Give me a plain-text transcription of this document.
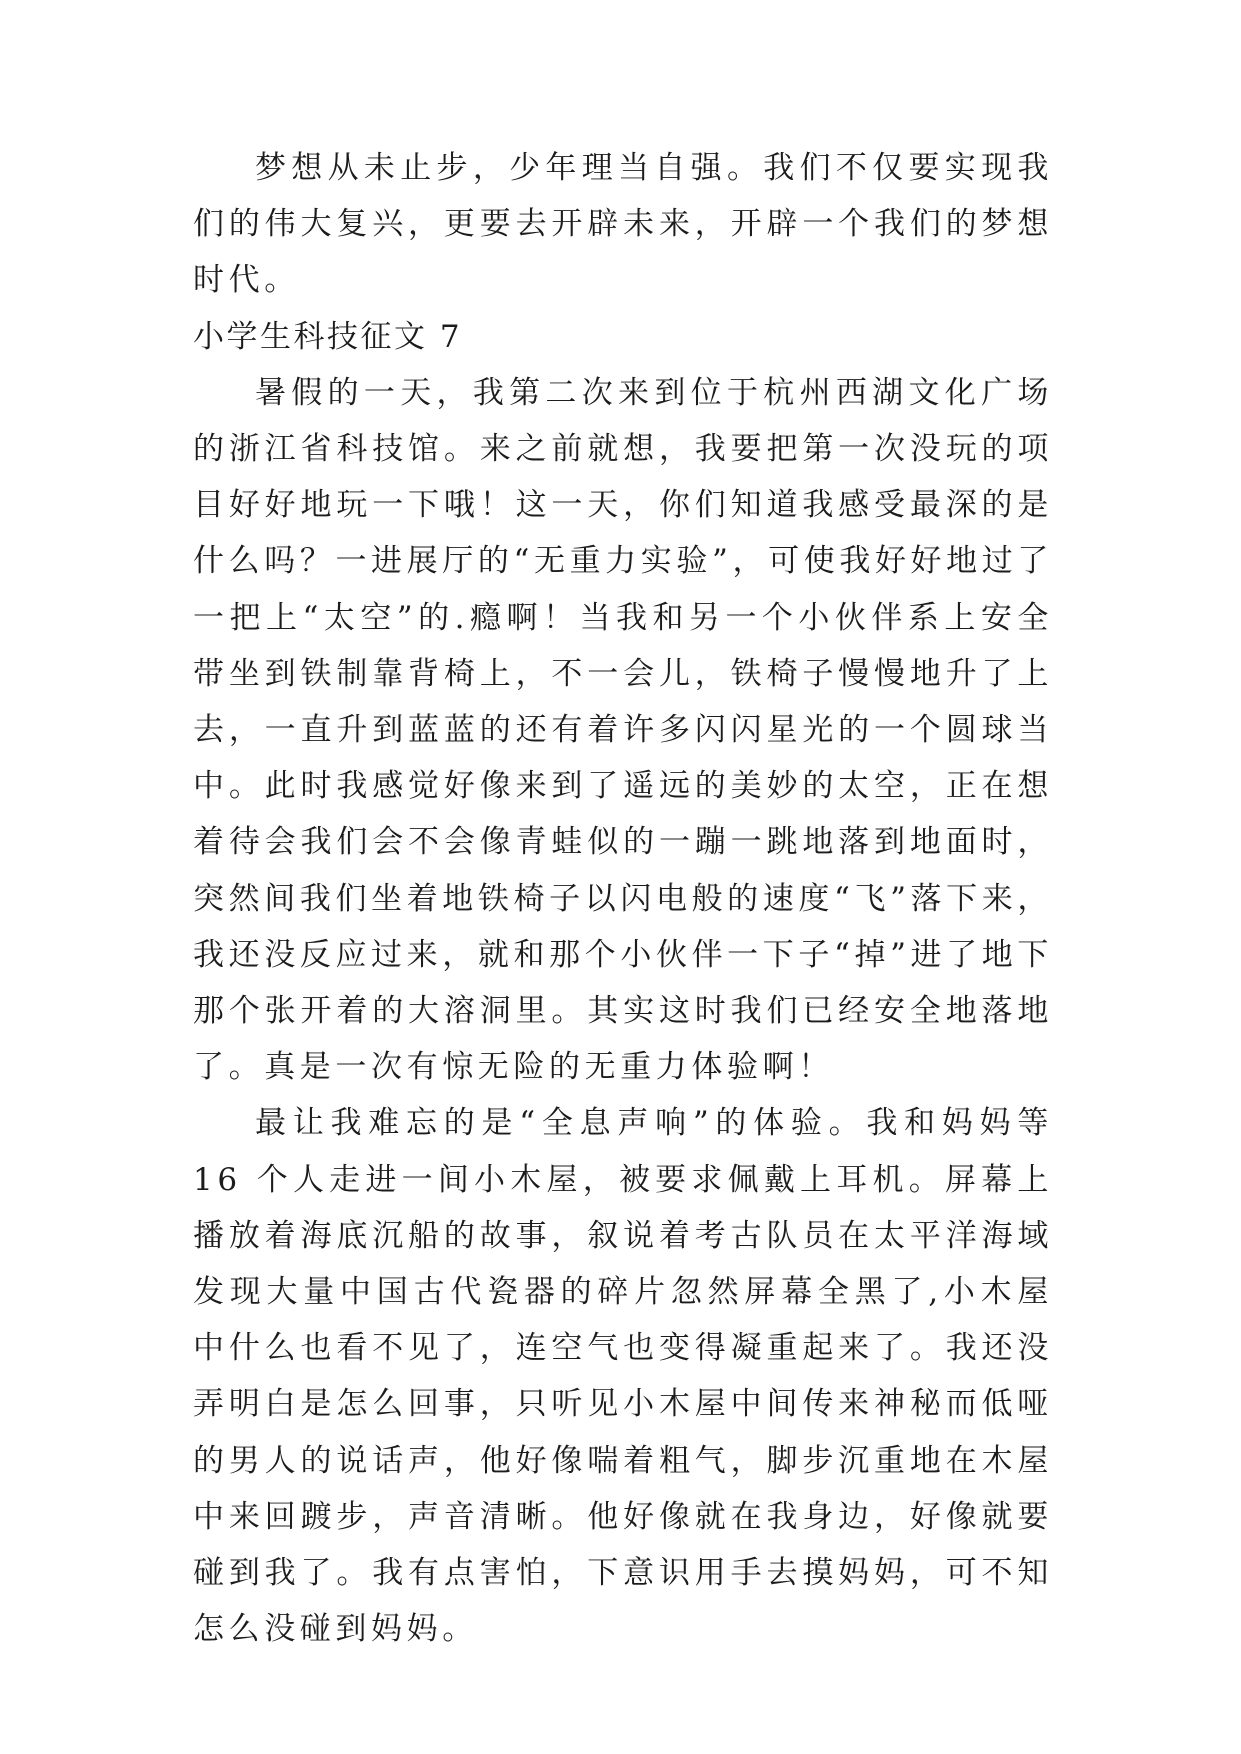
梦想从未止步，少年理当自强。我们不仅要实现我们的伟大复兴，更要去开辟未来，开辟一个我们的梦想时代。

小学生科技征文 7

暑假的一天，我第二次来到位于杭州西湖文化广场的浙江省科技馆。来之前就想，我要把第一次没玩的项目好好地玩一下哦！这一天，你们知道我感受最深的是什么吗？一进展厅的“无重力实验”，可使我好好地过了一把上“太空”的.瘾啊！当我和另一个小伙伴系上安全带坐到铁制靠背椅上，不一会儿，铁椅子慢慢地升了上去，一直升到蓝蓝的还有着许多闪闪星光的一个圆球当中。此时我感觉好像来到了遥远的美妙的太空，正在想着待会我们会不会像青蛙似的一蹦一跳地落到地面时，突然间我们坐着地铁椅子以闪电般的速度“飞”落下来，我还没反应过来，就和那个小伙伴一下子“掉”进了地下那个张开着的大溶洞里。其实这时我们已经安全地落地了。真是一次有惊无险的无重力体验啊！

最让我难忘的是“全息声响”的体验。我和妈妈等 16 个人走进一间小木屋，被要求佩戴上耳机。屏幕上播放着海底沉船的故事，叙说着考古队员在太平洋海域发现大量中国古代瓷器的碎片忽然屏幕全黑了,小木屋中什么也看不见了，连空气也变得凝重起来了。我还没弄明白是怎么回事，只听见小木屋中间传来神秘而低哑的男人的说话声，他好像喘着粗气，脚步沉重地在木屋中来回踱步，声音清晰。他好像就在我身边，好像就要碰到我了。我有点害怕，下意识用手去摸妈妈，可不知怎么没碰到妈妈。
